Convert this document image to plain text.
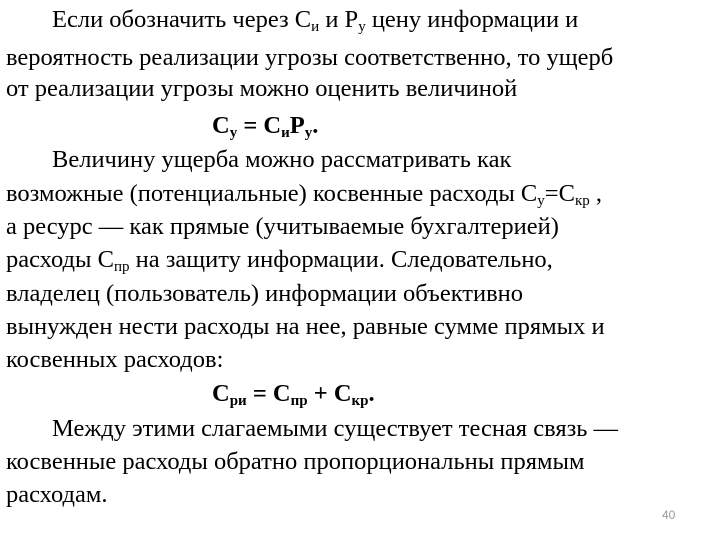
Если обозначить через $С_и$ и $Р_у$ цену информации и
вероятность реализации угрозы соответственно, то ущерб
от реализации угрозы можно оценить величиной
$С_у = С_иР_у$.
Величину ущерба можно рассматривать как
возможные (потенциальные) косвенные расходы $С_у=С_{кр}$ ,
а ресурс — как прямые (учитываемые бухгалтерией)
расходы $С_{пр}$ на защиту информации. Следовательно,
владелец (пользователь) информации объективно
вынужден нести расходы на нее, равные сумме прямых и
косвенных расходов:
$С_{ри} = С_{пр} + С_{кр}$.
Между этими слагаемыми существует тесная связь —
косвенные расходы обратно пропорциональны прямым
расходам.
40
